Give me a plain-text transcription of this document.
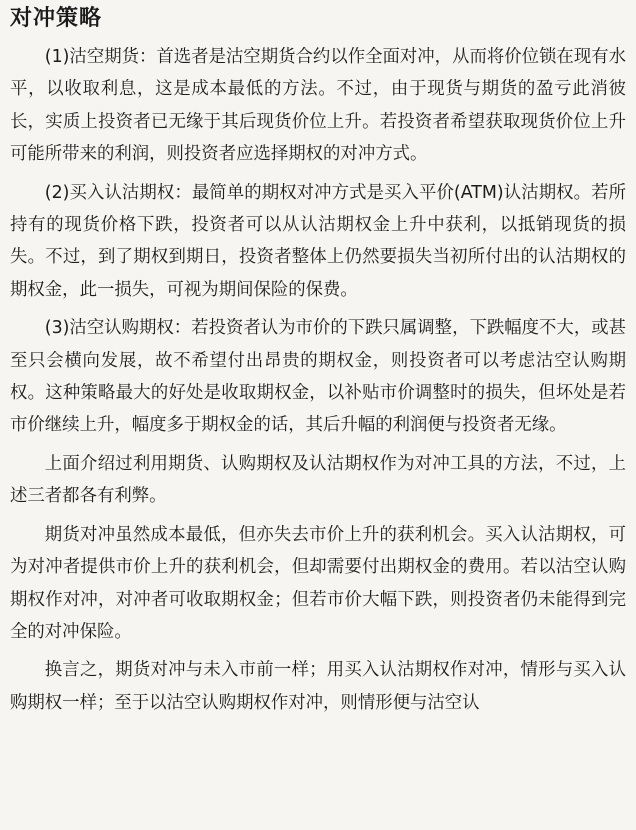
对冲策略

(1)沽空期货：首选者是沽空期货合约以作全面对冲，从而将价位锁在现有水平，以收取利息，这是成本最低的方法。不过，由于现货与期货的盈亏此消彼长，实质上投资者已无缘于其后现货价位上升。若投资者希望获取现货价位上升可能所带来的利润，则投资者应选择期权的对冲方式。

(2)买入认沽期权：最简单的期权对冲方式是买入平价(ATM)认沽期权。若所持有的现货价格下跌，投资者可以从认沽期权金上升中获利，以抵销现货的损失。不过，到了期权到期日，投资者整体上仍然要损失当初所付出的认沽期权的期权金，此一损失，可视为期间保险的保费。

(3)沽空认购期权：若投资者认为市价的下跌只属调整，下跌幅度不大，或甚至只会横向发展，故不希望付出昂贵的期权金，则投资者可以考虑沽空认购期权。这种策略最大的好处是收取期权金，以补贴市价调整时的损失，但坏处是若市价继续上升，幅度多于期权金的话，其后升幅的利润便与投资者无缘。

上面介绍过利用期货、认购期权及认沽期权作为对冲工具的方法，不过，上述三者都各有利弊。

期货对冲虽然成本最低，但亦失去市价上升的获利机会。买入认沽期权，可为对冲者提供市价上升的获利机会，但却需要付出期权金的费用。若以沽空认购期权作对冲，对冲者可收取期权金；但若市价大幅下跌，则投资者仍未能得到完全的对冲保险。

换言之，期货对冲与未入市前一样；用买入认沽期权作对冲，情形与买入认购期权一样；至于以沽空认购期权作对冲，则情形便与沽空认
